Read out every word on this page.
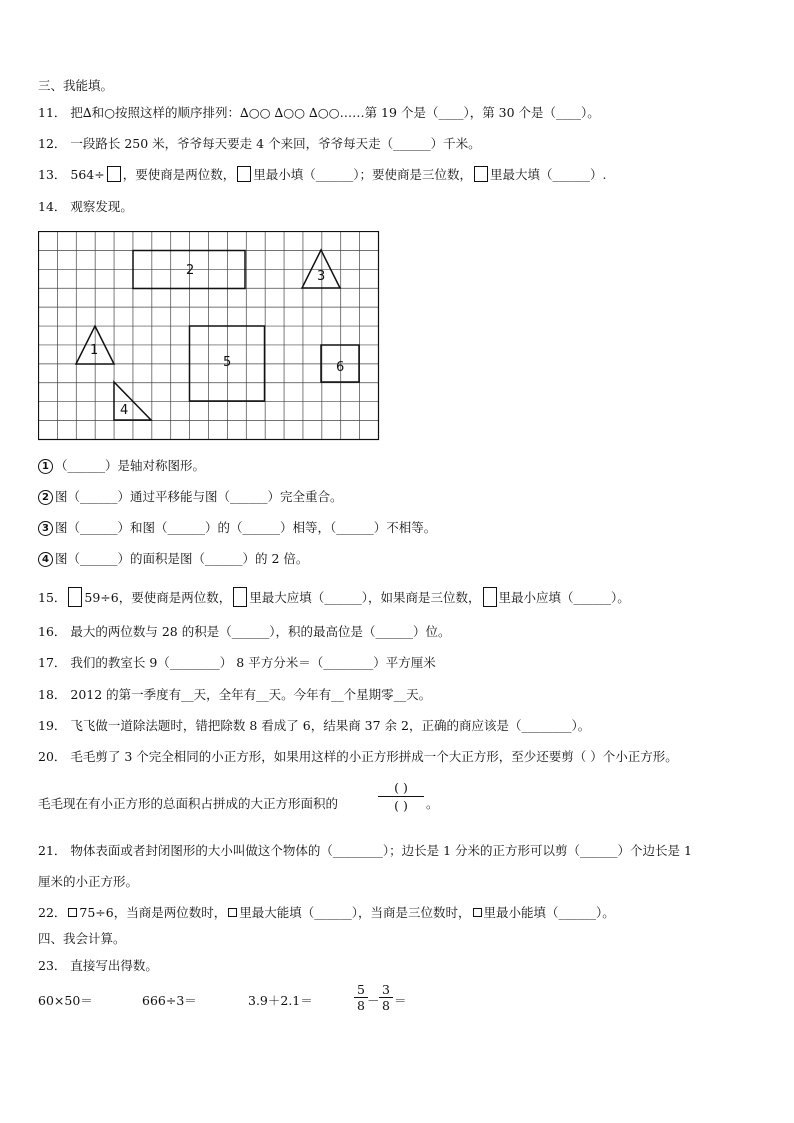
三、我能填。
11． 把∆和○按照这样的顺序排列：∆○○ ∆○○ ∆○○……第 19 个是（____），第 30 个是（____）。
12． 一段路长 250 米，爷爷每天要走 4 个来回，爷爷每天走（______）千米。
13． 564÷ ，要使商是两位数， 里最小填（______）；要使商是三位数， 里最大填（______）.
14． 观察发现。
2	3
1
5	6
4
1 （______）是轴对称图形。
2 图（______）通过平移能与图（______）完全重合。
3 图（______）和图（______）的（______）相等，（______）不相等。
4 图（______）的面积是图（______）的 2 倍。
15． 59÷6，要使商是两位数， 里最大应填（______），如果商是三位数， 里最小应填（______）。
16． 最大的两位数与 28 的积是（______），积的最高位是（______）位。
17． 我们的教室长 9（________） 8 平方分米＝（________）平方厘米
18． 2012 的第一季度有__天，全年有__天。今年有__个星期零__天。
19． 飞飞做一道除法题时，错把除数 8 看成了 6，结果商 37 余 2，正确的商应该是（________）。
20． 毛毛剪了 3 个完全相同的小正方形，如果用这样的小正方形拼成一个大正方形，至少还要剪（ ）个小正方形。
毛毛现在有小正方形的总面积占拼成的大正方形面积的
( )
( )	。
21． 物体表面或者封闭图形的大小叫做这个物体的（________）；边长是 1 分米的正方形可以剪（______）个边长是 1
厘米的小正方形。
22． 75÷6，当商是两位数时， 里最大能填（______），当商是三位数时， 里最小能填（______）。
四、我会计算。
23． 直接写出得数。
60×50＝	666÷3＝	3.9＋2.1＝
5
8 －
3
8 ＝
